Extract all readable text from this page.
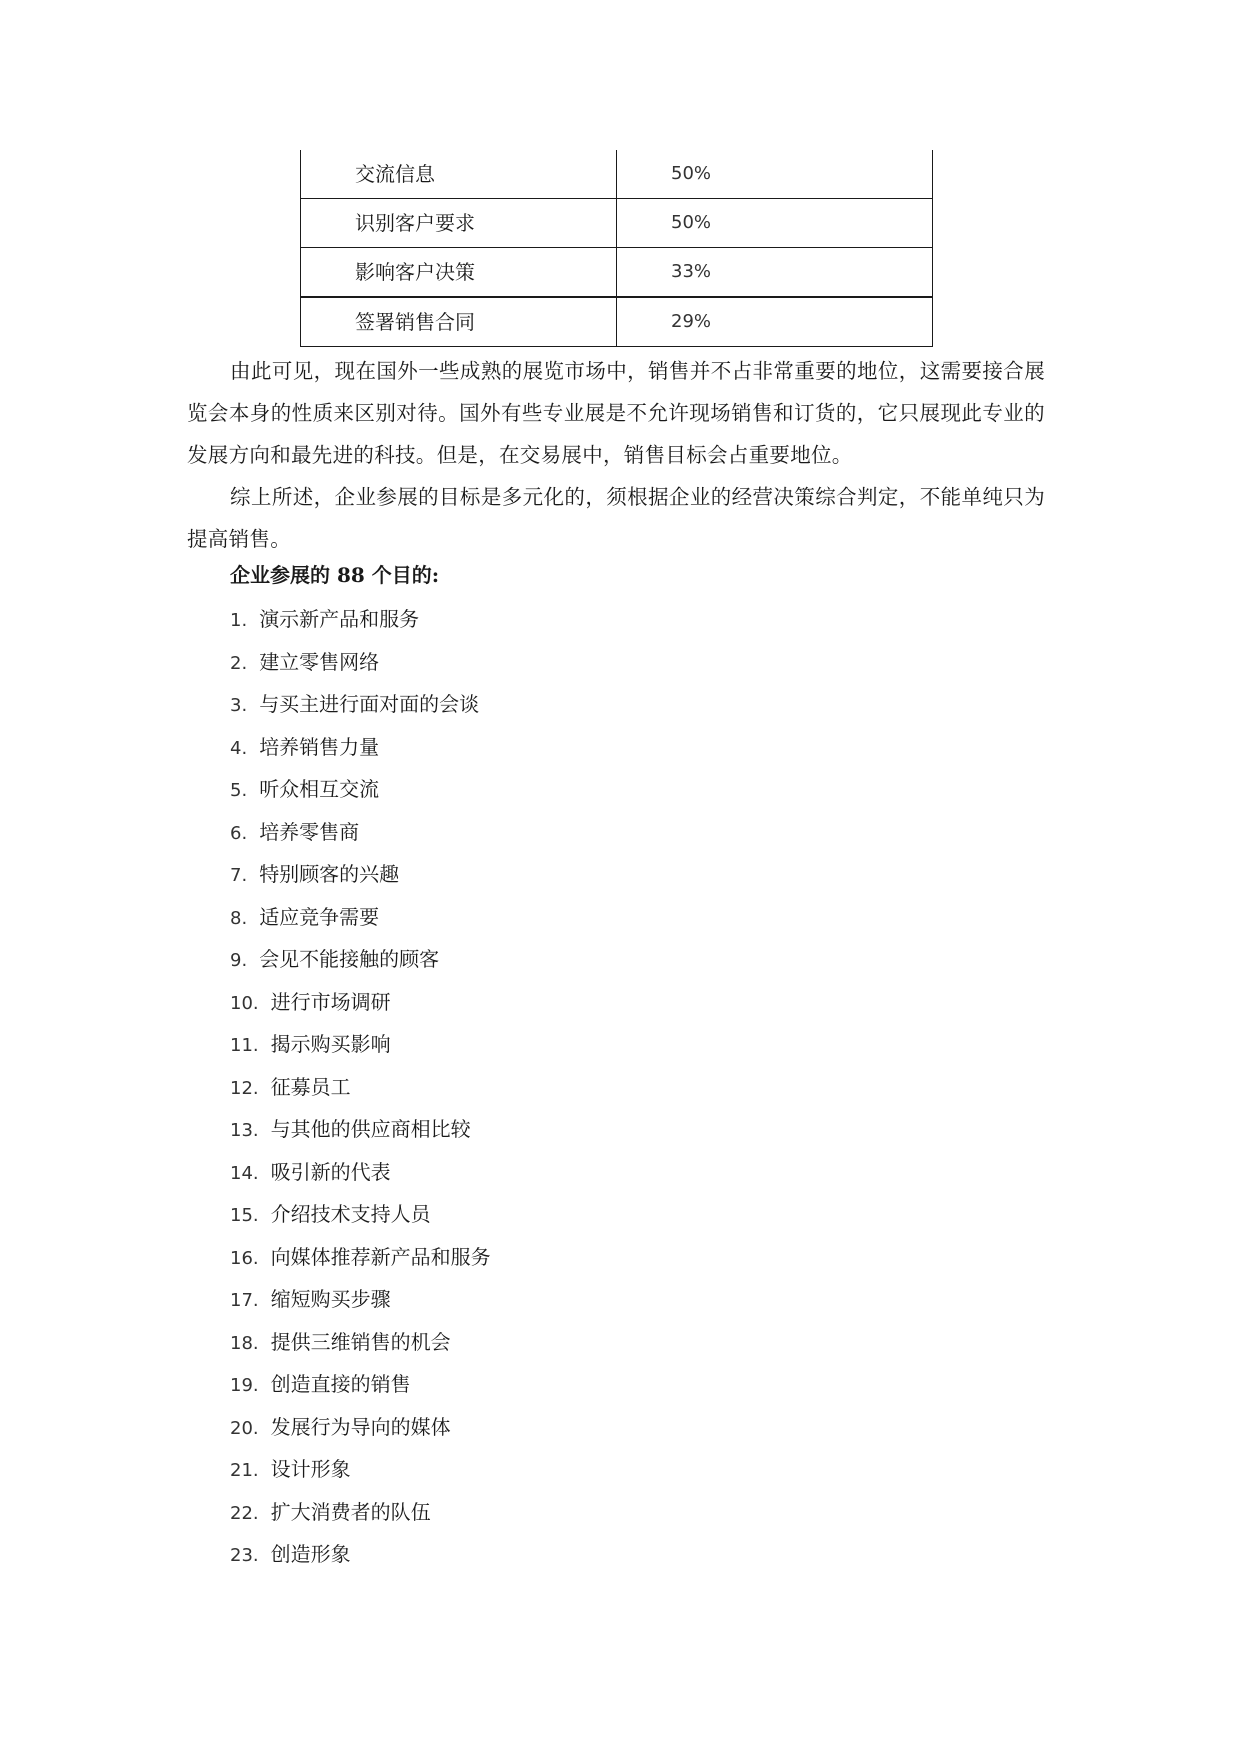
交流信息	50%
识别客户要求	50%
影响客户决策	33%
签署销售合同	29%

由此可见，现在国外一些成熟的展览市场中，销售并不占非常重要的地位，这需要接合展览会本身的性质来区别对待。国外有些专业展是不允许现场销售和订货的，它只展现此专业的发展方向和最先进的科技。但是，在交易展中，销售目标会占重要地位。

综上所述，企业参展的目标是多元化的，须根据企业的经营决策综合判定，不能单纯只为提高销售。

企业参展的 88 个目的:
1. 演示新产品和服务
2. 建立零售网络
3. 与买主进行面对面的会谈
4. 培养销售力量
5. 听众相互交流
6. 培养零售商
7. 特别顾客的兴趣
8. 适应竞争需要
9. 会见不能接触的顾客
10. 进行市场调研
11. 揭示购买影响
12. 征募员工
13. 与其他的供应商相比较
14. 吸引新的代表
15. 介绍技术支持人员
16. 向媒体推荐新产品和服务
17. 缩短购买步骤
18. 提供三维销售的机会
19. 创造直接的销售
20. 发展行为导向的媒体
21. 设计形象
22. 扩大消费者的队伍
23. 创造形象
